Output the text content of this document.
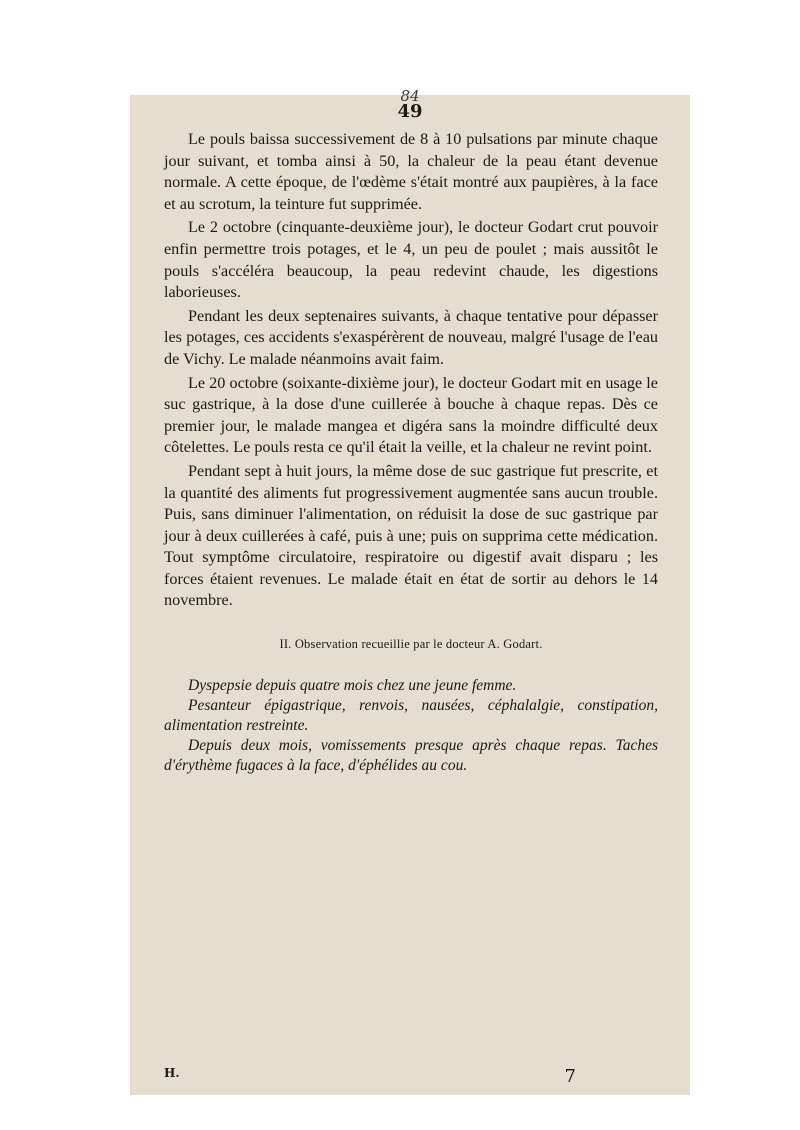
84
49

Le pouls baissa successivement de 8 à 10 pulsations par minute chaque jour suivant, et tomba ainsi à 50, la chaleur de la peau étant devenue normale. A cette époque, de l'œdème s'était montré aux paupières, à la face et au scrotum, la teinture fut supprimée.

Le 2 octobre (cinquante-deuxième jour), le docteur Godart crut pouvoir enfin permettre trois potages, et le 4, un peu de poulet ; mais aussitôt le pouls s'accéléra beaucoup, la peau redevint chaude, les digestions laborieuses.

Pendant les deux septenaires suivants, à chaque tentative pour dépasser les potages, ces accidents s'exaspérèrent de nouveau, malgré l'usage de l'eau de Vichy. Le malade néanmoins avait faim.

Le 20 octobre (soixante-dixième jour), le docteur Godart mit en usage le suc gastrique, à la dose d'une cuillerée à bouche à chaque repas. Dès ce premier jour, le malade mangea et digéra sans la moindre difficulté deux côtelettes. Le pouls resta ce qu'il était la veille, et la chaleur ne revint point.

Pendant sept à huit jours, la même dose de suc gastrique fut prescrite, et la quantité des aliments fut progressivement augmentée sans aucun trouble. Puis, sans diminuer l'alimentation, on réduisit la dose de suc gastrique par jour à deux cuillerées à café, puis à une; puis on supprima cette médication. Tout symptôme circulatoire, respiratoire ou digestif avait disparu ; les forces étaient revenues. Le malade était en état de sortir au dehors le 14 novembre.

II. Observation recueillie par le docteur A. Godart.

Dyspepsie depuis quatre mois chez une jeune femme.

Pesanteur épigastrique, renvois, nausées, céphalalgie, constipation, alimentation restreinte.

Depuis deux mois, vomissements presque après chaque repas. Taches d'érythème fugaces à la face, d'éphélides au cou.

H.	7
